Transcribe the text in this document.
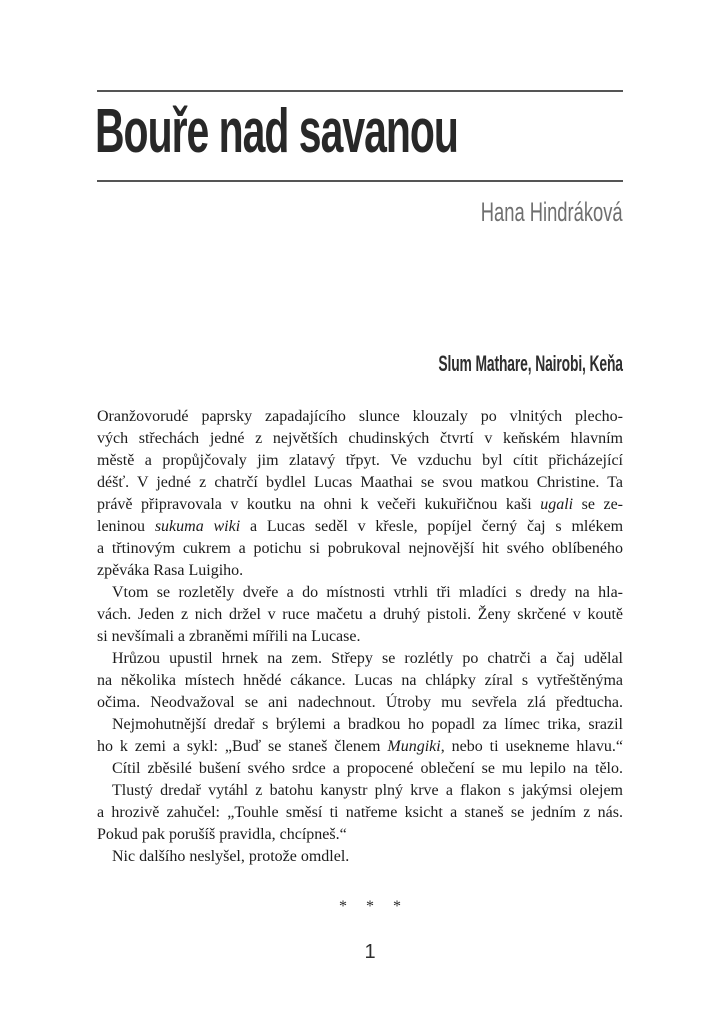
Bouře nad savanou
Hana Hindráková
Slum Mathare, Nairobi, Keňa
Oranžovorudé paprsky zapadajícího slunce klouzaly po vlnitých plecho-
vých střechách jedné z největších chudinských čtvrtí v keňském hlavním
městě a propůjčovaly jim zlatavý třpyt. Ve vzduchu byl cítit přicházející
déšť. V jedné z chatrčí bydlel Lucas Maathai se svou matkou Christine. Ta
právě připravovala v koutku na ohni k večeři kukuřičnou kaši ugali se ze-
leninou sukuma wiki a Lucas seděl v křesle, popíjel černý čaj s mlékem
a třtinovým cukrem a potichu si pobrukoval nejnovější hit svého oblíbeného
zpěváka Rasa Luigiho.
Vtom se rozletěly dveře a do místnosti vtrhli tři mladíci s dredy na hla-
vách. Jeden z nich držel v ruce mačetu a druhý pistoli. Ženy skrčené v koutě
si nevšímali a zbraněmi mířili na Lucase.
Hrůzou upustil hrnek na zem. Střepy se rozlétly po chatrči a čaj udělal
na několika místech hnědé cákance. Lucas na chlápky zíral s vytřeštěnýma
očima. Neodvažoval se ani nadechnout. Útroby mu sevřela zlá předtucha.
Nejmohutnější dredař s brýlemi a bradkou ho popadl za límec trika, srazil
ho k zemi a sykl: „Buď se staneš členem Mungiki, nebo ti usekneme hlavu.“
Cítil zběsilé bušení svého srdce a propocené oblečení se mu lepilo na tělo.
Tlustý dredař vytáhl z batohu kanystr plný krve a flakon s jakýmsi olejem
a hrozivě zahučel: „Touhle směsí ti natřeme ksicht a staneš se jedním z nás.
Pokud pak porušíš pravidla, chcípneš.“
Nic dalšího neslyšel, protože omdlel.
* * *
1
